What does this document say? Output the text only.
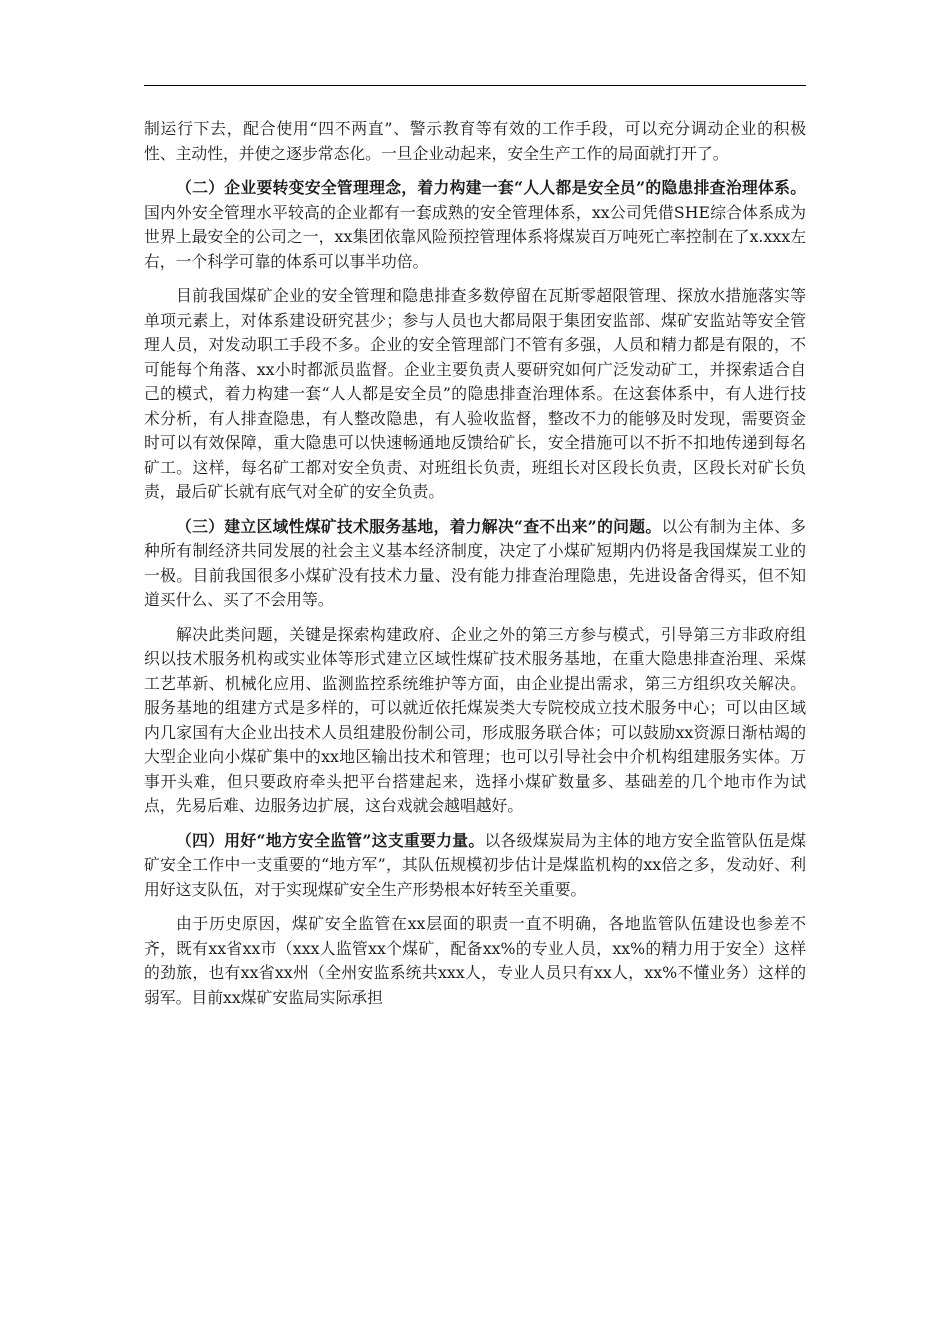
制运行下去，配合使用“四不两直”、警示教育等有效的工作手段，可以充分调动企业的积极性、主动性，并使之逐步常态化。一旦企业动起来，安全生产工作的局面就打开了。

（二）企业要转变安全管理理念，着力构建一套“人人都是安全员”的隐患排查治理体系。国内外安全管理水平较高的企业都有一套成熟的安全管理体系，xx公司凭借SHE综合体系成为世界上最安全的公司之一，xx集团依靠风险预控管理体系将煤炭百万吨死亡率控制在了x.xxx左右，一个科学可靠的体系可以事半功倍。

目前我国煤矿企业的安全管理和隐患排查多数停留在瓦斯零超限管理、探放水措施落实等单项元素上，对体系建设研究甚少；参与人员也大都局限于集团安监部、煤矿安监站等安全管理人员，对发动职工手段不多。企业的安全管理部门不管有多强，人员和精力都是有限的，不可能每个角落、xx小时都派员监督。企业主要负责人要研究如何广泛发动矿工，并探索适合自己的模式，着力构建一套“人人都是安全员”的隐患排查治理体系。在这套体系中，有人进行技术分析，有人排查隐患，有人整改隐患，有人验收监督，整改不力的能够及时发现，需要资金时可以有效保障，重大隐患可以快速畅通地反馈给矿长，安全措施可以不折不扣地传递到每名矿工。这样，每名矿工都对安全负责、对班组长负责，班组长对区段长负责，区段长对矿长负责，最后矿长就有底气对全矿的安全负责。

（三）建立区域性煤矿技术服务基地，着力解决“查不出来”的问题。以公有制为主体、多种所有制经济共同发展的社会主义基本经济制度，决定了小煤矿短期内仍将是我国煤炭工业的一极。目前我国很多小煤矿没有技术力量、没有能力排查治理隐患，先进设备舍得买，但不知道买什么、买了不会用等。

解决此类问题，关键是探索构建政府、企业之外的第三方参与模式，引导第三方非政府组织以技术服务机构或实业体等形式建立区域性煤矿技术服务基地，在重大隐患排查治理、采煤工艺革新、机械化应用、监测监控系统维护等方面，由企业提出需求，第三方组织攻关解决。服务基地的组建方式是多样的，可以就近依托煤炭类大专院校成立技术服务中心；可以由区域内几家国有大企业出技术人员组建股份制公司，形成服务联合体；可以鼓励xx资源日渐枯竭的大型企业向小煤矿集中的xx地区输出技术和管理；也可以引导社会中介机构组建服务实体。万事开头难，但只要政府牵头把平台搭建起来，选择小煤矿数量多、基础差的几个地市作为试点，先易后难、边服务边扩展，这台戏就会越唱越好。

（四）用好“地方安全监管”这支重要力量。以各级煤炭局为主体的地方安全监管队伍是煤矿安全工作中一支重要的“地方军”，其队伍规模初步估计是煤监机构的xx倍之多，发动好、利用好这支队伍，对于实现煤矿安全生产形势根本好转至关重要。

由于历史原因，煤矿安全监管在xx层面的职责一直不明确，各地监管队伍建设也参差不齐，既有xx省xx市（xxx人监管xx个煤矿，配备xx%的专业人员，xx%的精力用于安全）这样的劲旅，也有xx省xx州（全州安监系统共xxx人，专业人员只有xx人，xx%不懂业务）这样的弱军。目前xx煤矿安监局实际承担
